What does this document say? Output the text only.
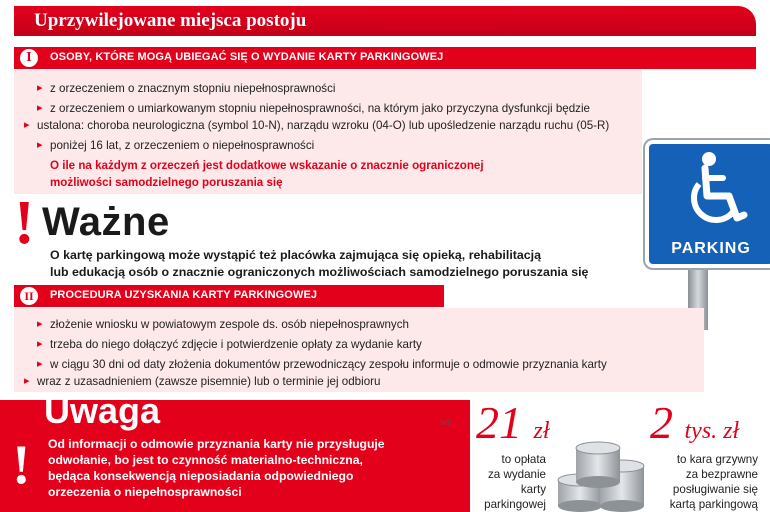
Uprzywilejowane miejsca postoju
I	OSOBY, KTÓRE MOGĄ UBIEGAĆ SIĘ O WYDANIE KARTY PARKINGOWEJ
▸ z orzeczeniem o znacznym stopniu niepełnosprawności
▸ z orzeczeniem o umiarkowanym stopniu niepełnosprawności, na którym jako przyczyna dysfunkcji będzie
▸ ustalona: choroba neurologiczna (symbol 10-N), narządu wzroku (04-O) lub upośledzenie narządu ruchu (05-R)
▸ poniżej 16 lat, z orzeczeniem o niepełnosprawności
O ile na każdym z orzeczeń jest dodatkowe wskazanie o znacznie ograniczonej
możliwości samodzielnego poruszania się
PARKING
! Ważne
O kartę parkingową może wystąpić też placówka zajmująca się opieką, rehabilitacją
lub edukacją osób o znacznie ograniczonych możliwościach samodzielnego poruszania się
II	PROCEDURA UZYSKANIA KARTY PARKINGOWEJ
▸ złożenie wniosku w powiatowym zespole ds. osób niepełnosprawnych
▸ trzeba do niego dołączyć zdjęcie i potwierdzenie opłaty za wydanie karty
▸ w ciągu 30 dni od daty złożenia dokumentów przewodniczący zespołu informuje o odmowie przyznania karty
▸ wraz z uzasadnieniem (zawsze pisemnie) lub o terminie jej odbioru
Uwaga	©℗ NS
! Od informacji o odmowie przyznania karty nie przysługuje
odwołanie, bo jest to czynność materialno-techniczna,
będąca konsekwencją nieposiadania odpowiedniego
orzeczenia o niepełnosprawności
21 zł
to opłata
za wydanie
karty
parkingowej
2 tys. zł
to kara grzywny
za bezprawne
posługiwanie się
kartą parkingową
